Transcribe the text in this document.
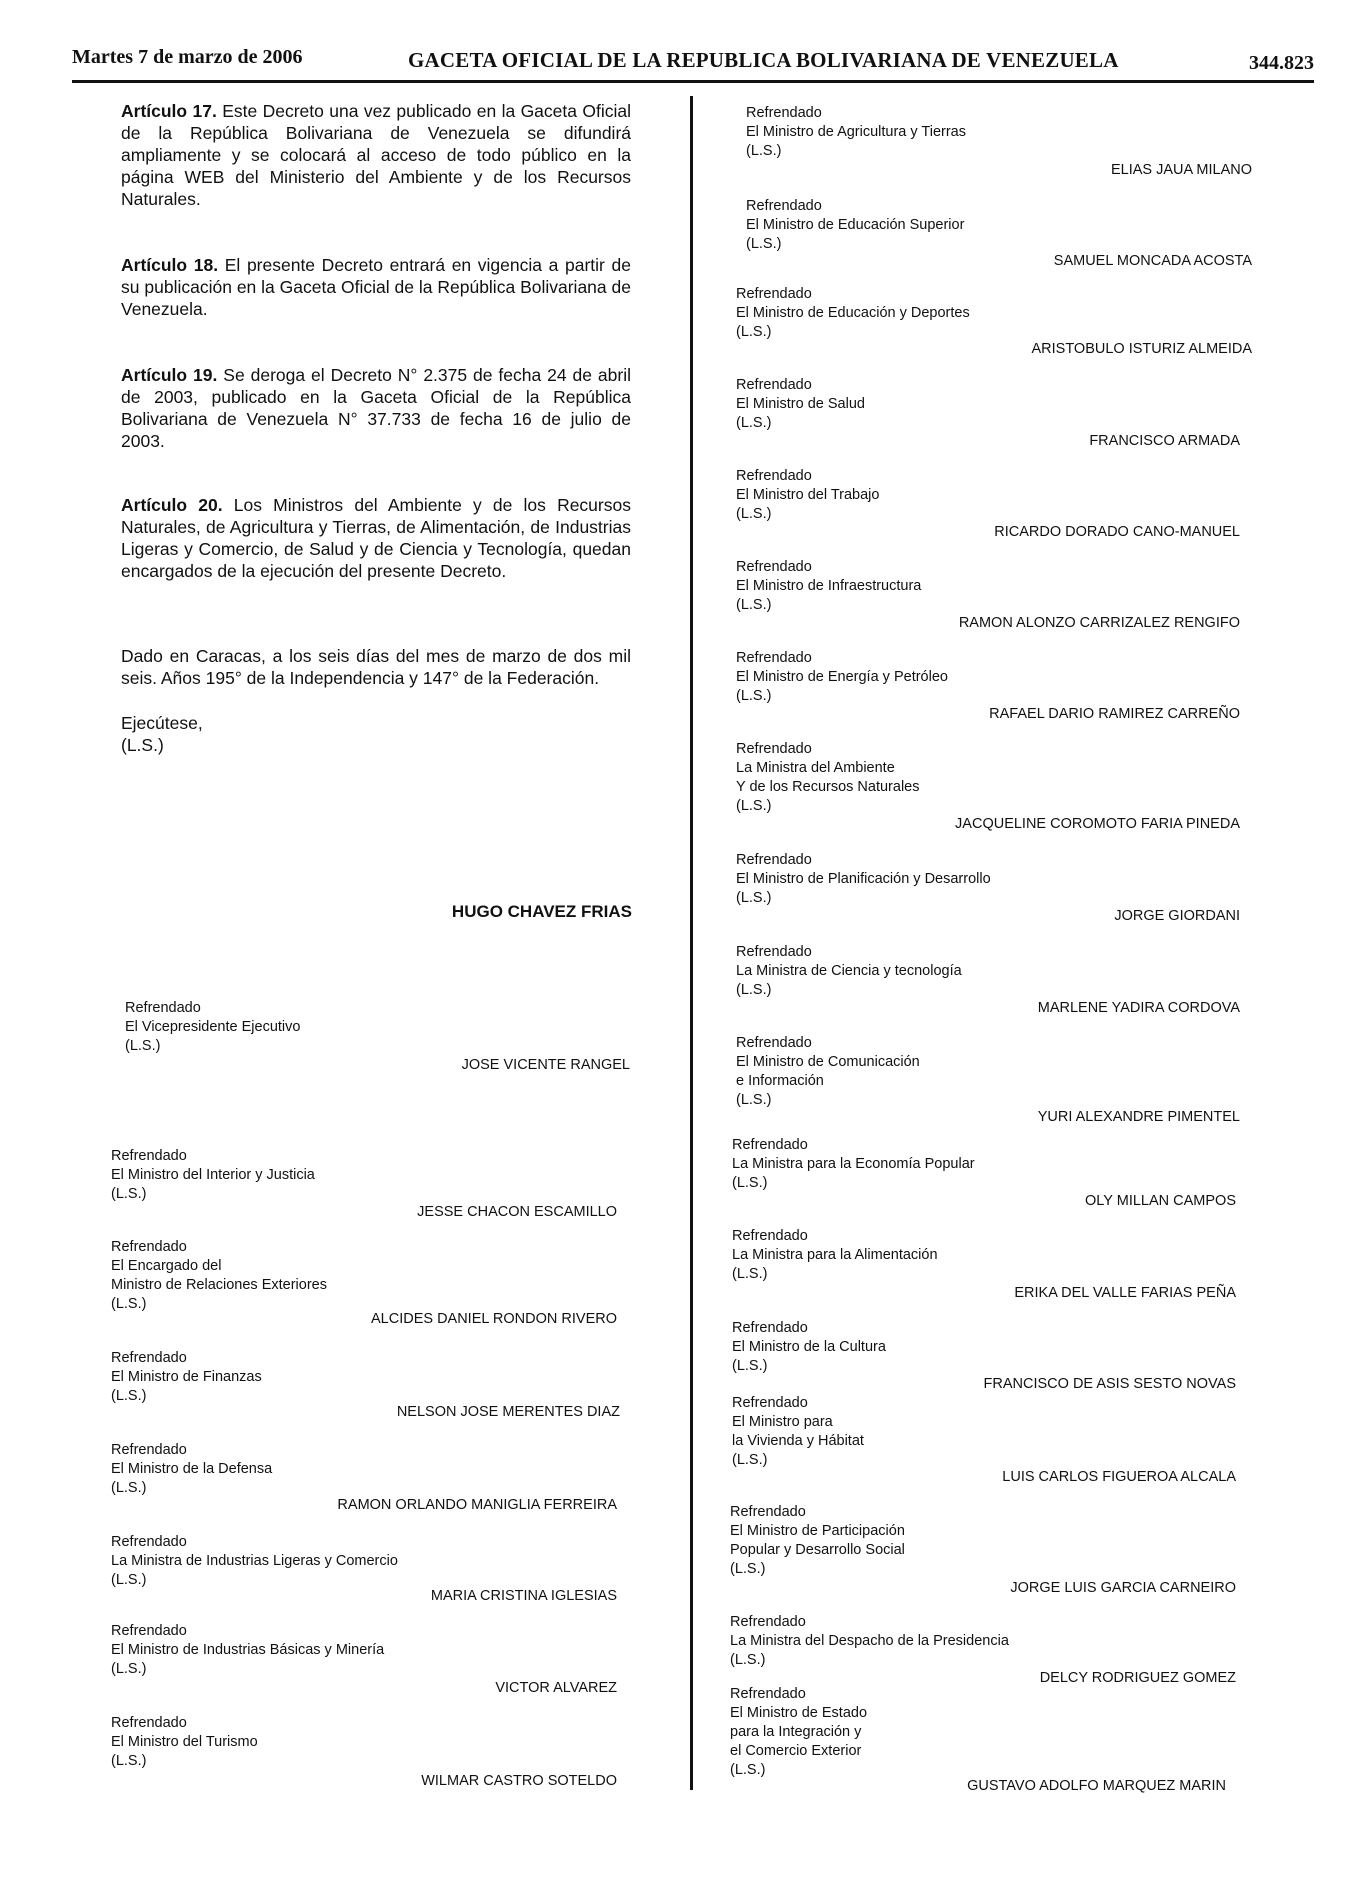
Martes 7 de marzo de 2006	GACETA OFICIAL DE LA REPUBLICA BOLIVARIANA DE VENEZUELA	344.823
Artículo 17. Este Decreto una vez publicado en la Gaceta Oficial de la República Bolivariana de Venezuela se difundirá ampliamente y se colocará al acceso de todo público en la página WEB del Ministerio del Ambiente y de los Recursos Naturales.
Artículo 18. El presente Decreto entrará en vigencia a partir de su publicación en la Gaceta Oficial de la República Bolivariana de Venezuela.
Artículo 19. Se deroga el Decreto N° 2.375 de fecha 24 de abril de 2003, publicado en la Gaceta Oficial de la República Bolivariana de Venezuela N° 37.733 de fecha 16 de julio de 2003.
Artículo 20. Los Ministros del Ambiente y de los Recursos Naturales, de Agricultura y Tierras, de Alimentación, de Industrias Ligeras y Comercio, de Salud y de Ciencia y Tecnología, quedan encargados de la ejecución del presente Decreto.
Dado en Caracas, a los seis días del mes de marzo de dos mil seis. Años 195° de la Independencia y 147° de la Federación.
Ejecútese,
(L.S.)
HUGO CHAVEZ FRIAS
Refrendado
El Vicepresidente Ejecutivo
(L.S.)
JOSE VICENTE RANGEL
Refrendado
El Ministro del Interior y Justicia
(L.S.)
JESSE CHACON ESCAMILLO
Refrendado
El Encargado del
Ministro de Relaciones Exteriores
(L.S.)
ALCIDES DANIEL RONDON RIVERO
Refrendado
El Ministro de Finanzas
(L.S.)
NELSON JOSE MERENTES DIAZ
Refrendado
El Ministro de la Defensa
(L.S.)
RAMON ORLANDO MANIGLIA FERREIRA
Refrendado
La Ministra de Industrias Ligeras y Comercio
(L.S.)
MARIA CRISTINA IGLESIAS
Refrendado
El Ministro de Industrias Básicas y Minería
(L.S.)
VICTOR ALVAREZ
Refrendado
El Ministro del Turismo
(L.S.)
WILMAR CASTRO SOTELDO
Refrendado
El Ministro de Agricultura y Tierras
(L.S.)
ELIAS JAUA MILANO
Refrendado
El Ministro de Educación Superior
(L.S.)
SAMUEL MONCADA ACOSTA
Refrendado
El Ministro de Educación y Deportes
(L.S.)
ARISTOBULO ISTURIZ ALMEIDA
Refrendado
El Ministro de Salud
(L.S.)
FRANCISCO ARMADA
Refrendado
El Ministro del Trabajo
(L.S.)
RICARDO DORADO CANO-MANUEL
Refrendado
El Ministro de Infraestructura
(L.S.)
RAMON ALONZO CARRIZALEZ RENGIFO
Refrendado
El Ministro de Energía y Petróleo
(L.S.)
RAFAEL DARIO RAMIREZ CARREÑO
Refrendado
La Ministra del Ambiente
Y de los Recursos Naturales
(L.S.)
JACQUELINE COROMOTO FARIA PINEDA
Refrendado
El Ministro de Planificación y Desarrollo
(L.S.)
JORGE GIORDANI
Refrendado
La Ministra de Ciencia y tecnología
(L.S.)
MARLENE YADIRA CORDOVA
Refrendado
El Ministro de Comunicación
e Información
(L.S.)
YURI ALEXANDRE PIMENTEL
Refrendado
La Ministra para la Economía Popular
(L.S.)
OLY MILLAN CAMPOS
Refrendado
La Ministra para la Alimentación
(L.S.)
ERIKA DEL VALLE FARIAS PEÑA
Refrendado
El Ministro de la Cultura
(L.S.)
FRANCISCO DE ASIS SESTO NOVAS
Refrendado
El Ministro para
la Vivienda y Hábitat
(L.S.)
LUIS CARLOS FIGUEROA ALCALA
Refrendado
El Ministro de Participación
Popular y Desarrollo Social
(L.S.)
JORGE LUIS GARCIA CARNEIRO
Refrendado
La Ministra del Despacho de la Presidencia
(L.S.)
DELCY RODRIGUEZ GOMEZ
Refrendado
El Ministro de Estado
para la Integración y
el Comercio Exterior
(L.S.)
GUSTAVO ADOLFO MARQUEZ MARIN
